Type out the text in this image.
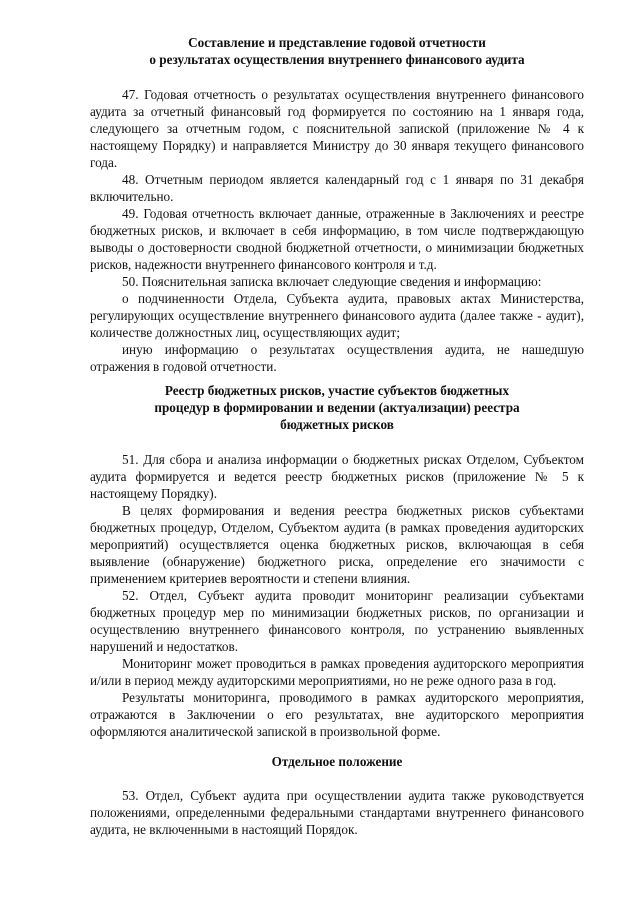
Составление и представление годовой отчетности
о результатах осуществления внутреннего финансового аудита

47. Годовая отчетность о результатах осуществления внутреннего финансового аудита за отчетный финансовый год формируется по состоянию на 1 января года, следующего за отчетным годом, с пояснительной запиской (приложение № 4 к настоящему Порядку) и направляется Министру до 30 января текущего финансового года.

48. Отчетным периодом является календарный год с 1 января по 31 декабря включительно.

49. Годовая отчетность включает данные, отраженные в Заключениях и реестре бюджетных рисков, и включает в себя информацию, в том числе подтверждающую выводы о достоверности сводной бюджетной отчетности, о минимизации бюджетных рисков, надежности внутреннего финансового контроля и т.д.

50. Пояснительная записка включает следующие сведения и информацию:

о подчиненности Отдела, Субъекта аудита, правовых актах Министерства, регулирующих осуществление внутреннего финансового аудита (далее также - аудит), количестве должностных лиц, осуществляющих аудит;

иную информацию о результатах осуществления аудита, не нашедшую отражения в годовой отчетности.

Реестр бюджетных рисков, участие субъектов бюджетных
процедур в формировании и ведении (актуализации) реестра
бюджетных рисков

51. Для сбора и анализа информации о бюджетных рисках Отделом, Субъектом аудита формируется и ведется реестр бюджетных рисков (приложение № 5 к настоящему Порядку).

В целях формирования и ведения реестра бюджетных рисков субъектами бюджетных процедур, Отделом, Субъектом аудита (в рамках проведения аудиторских мероприятий) осуществляется оценка бюджетных рисков, включающая в себя выявление (обнаружение) бюджетного риска, определение его значимости с применением критериев вероятности и степени влияния.

52. Отдел, Субъект аудита проводит мониторинг реализации субъектами бюджетных процедур мер по минимизации бюджетных рисков, по организации и осуществлению внутреннего финансового контроля, по устранению выявленных нарушений и недостатков.

Мониторинг может проводиться в рамках проведения аудиторского мероприятия и/или в период между аудиторскими мероприятиями, но не реже одного раза в год.

Результаты мониторинга, проводимого в рамках аудиторского мероприятия, отражаются в Заключении о его результатах, вне аудиторского мероприятия оформляются аналитической запиской в произвольной форме.

Отдельное положение

53. Отдел, Субъект аудита при осуществлении аудита также руководствуется положениями, определенными федеральными стандартами внутреннего финансового аудита, не включенными в настоящий Порядок.
